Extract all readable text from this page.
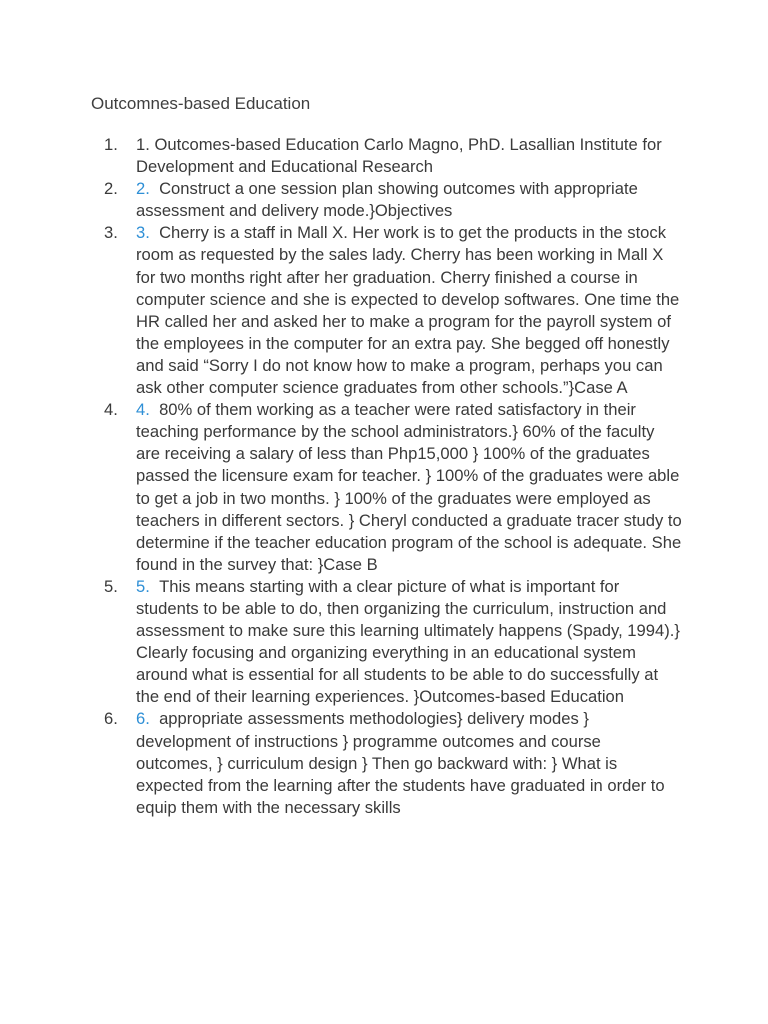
Outcomnes-based Education
1.	1. Outcomes-based Education Carlo Magno, PhD. Lasallian Institute for Development and Educational Research
2.	2. Construct a one session plan showing outcomes with appropriate assessment and delivery mode.}Objectives
3.	3. Cherry is a staff in Mall X. Her work is to get the products in the stock room as requested by the sales lady. Cherry has been working in Mall X for two months right after her graduation. Cherry finished a course in computer science and she is expected to develop softwares. One time the HR called her and asked her to make a program for the payroll system of the employees in the computer for an extra pay. She begged off honestly and said “Sorry I do not know how to make a program, perhaps you can ask other computer science graduates from other schools.”}Case A
4.	4. 80% of them working as a teacher were rated satisfactory in their teaching performance by the school administrators.} 60% of the faculty are receiving a salary of less than Php15,000 } 100% of the graduates passed the licensure exam for teacher. } 100% of the graduates were able to get a job in two months. } 100% of the graduates were employed as teachers in different sectors. } Cheryl conducted a graduate tracer study to determine if the teacher education program of the school is adequate. She found in the survey that: }Case B
5.	5. This means starting with a clear picture of what is important for students to be able to do, then organizing the curriculum, instruction and assessment to make sure this learning ultimately happens (Spady, 1994).} Clearly focusing and organizing everything in an educational system around what is essential for all students to be able to do successfully at the end of their learning experiences. }Outcomes-based Education
6.	6. appropriate assessments methodologies} delivery modes } development of instructions } programme outcomes and course outcomes, } curriculum design } Then go backward with: } What is expected from the learning after the students have graduated in order to equip them with the necessary skills
